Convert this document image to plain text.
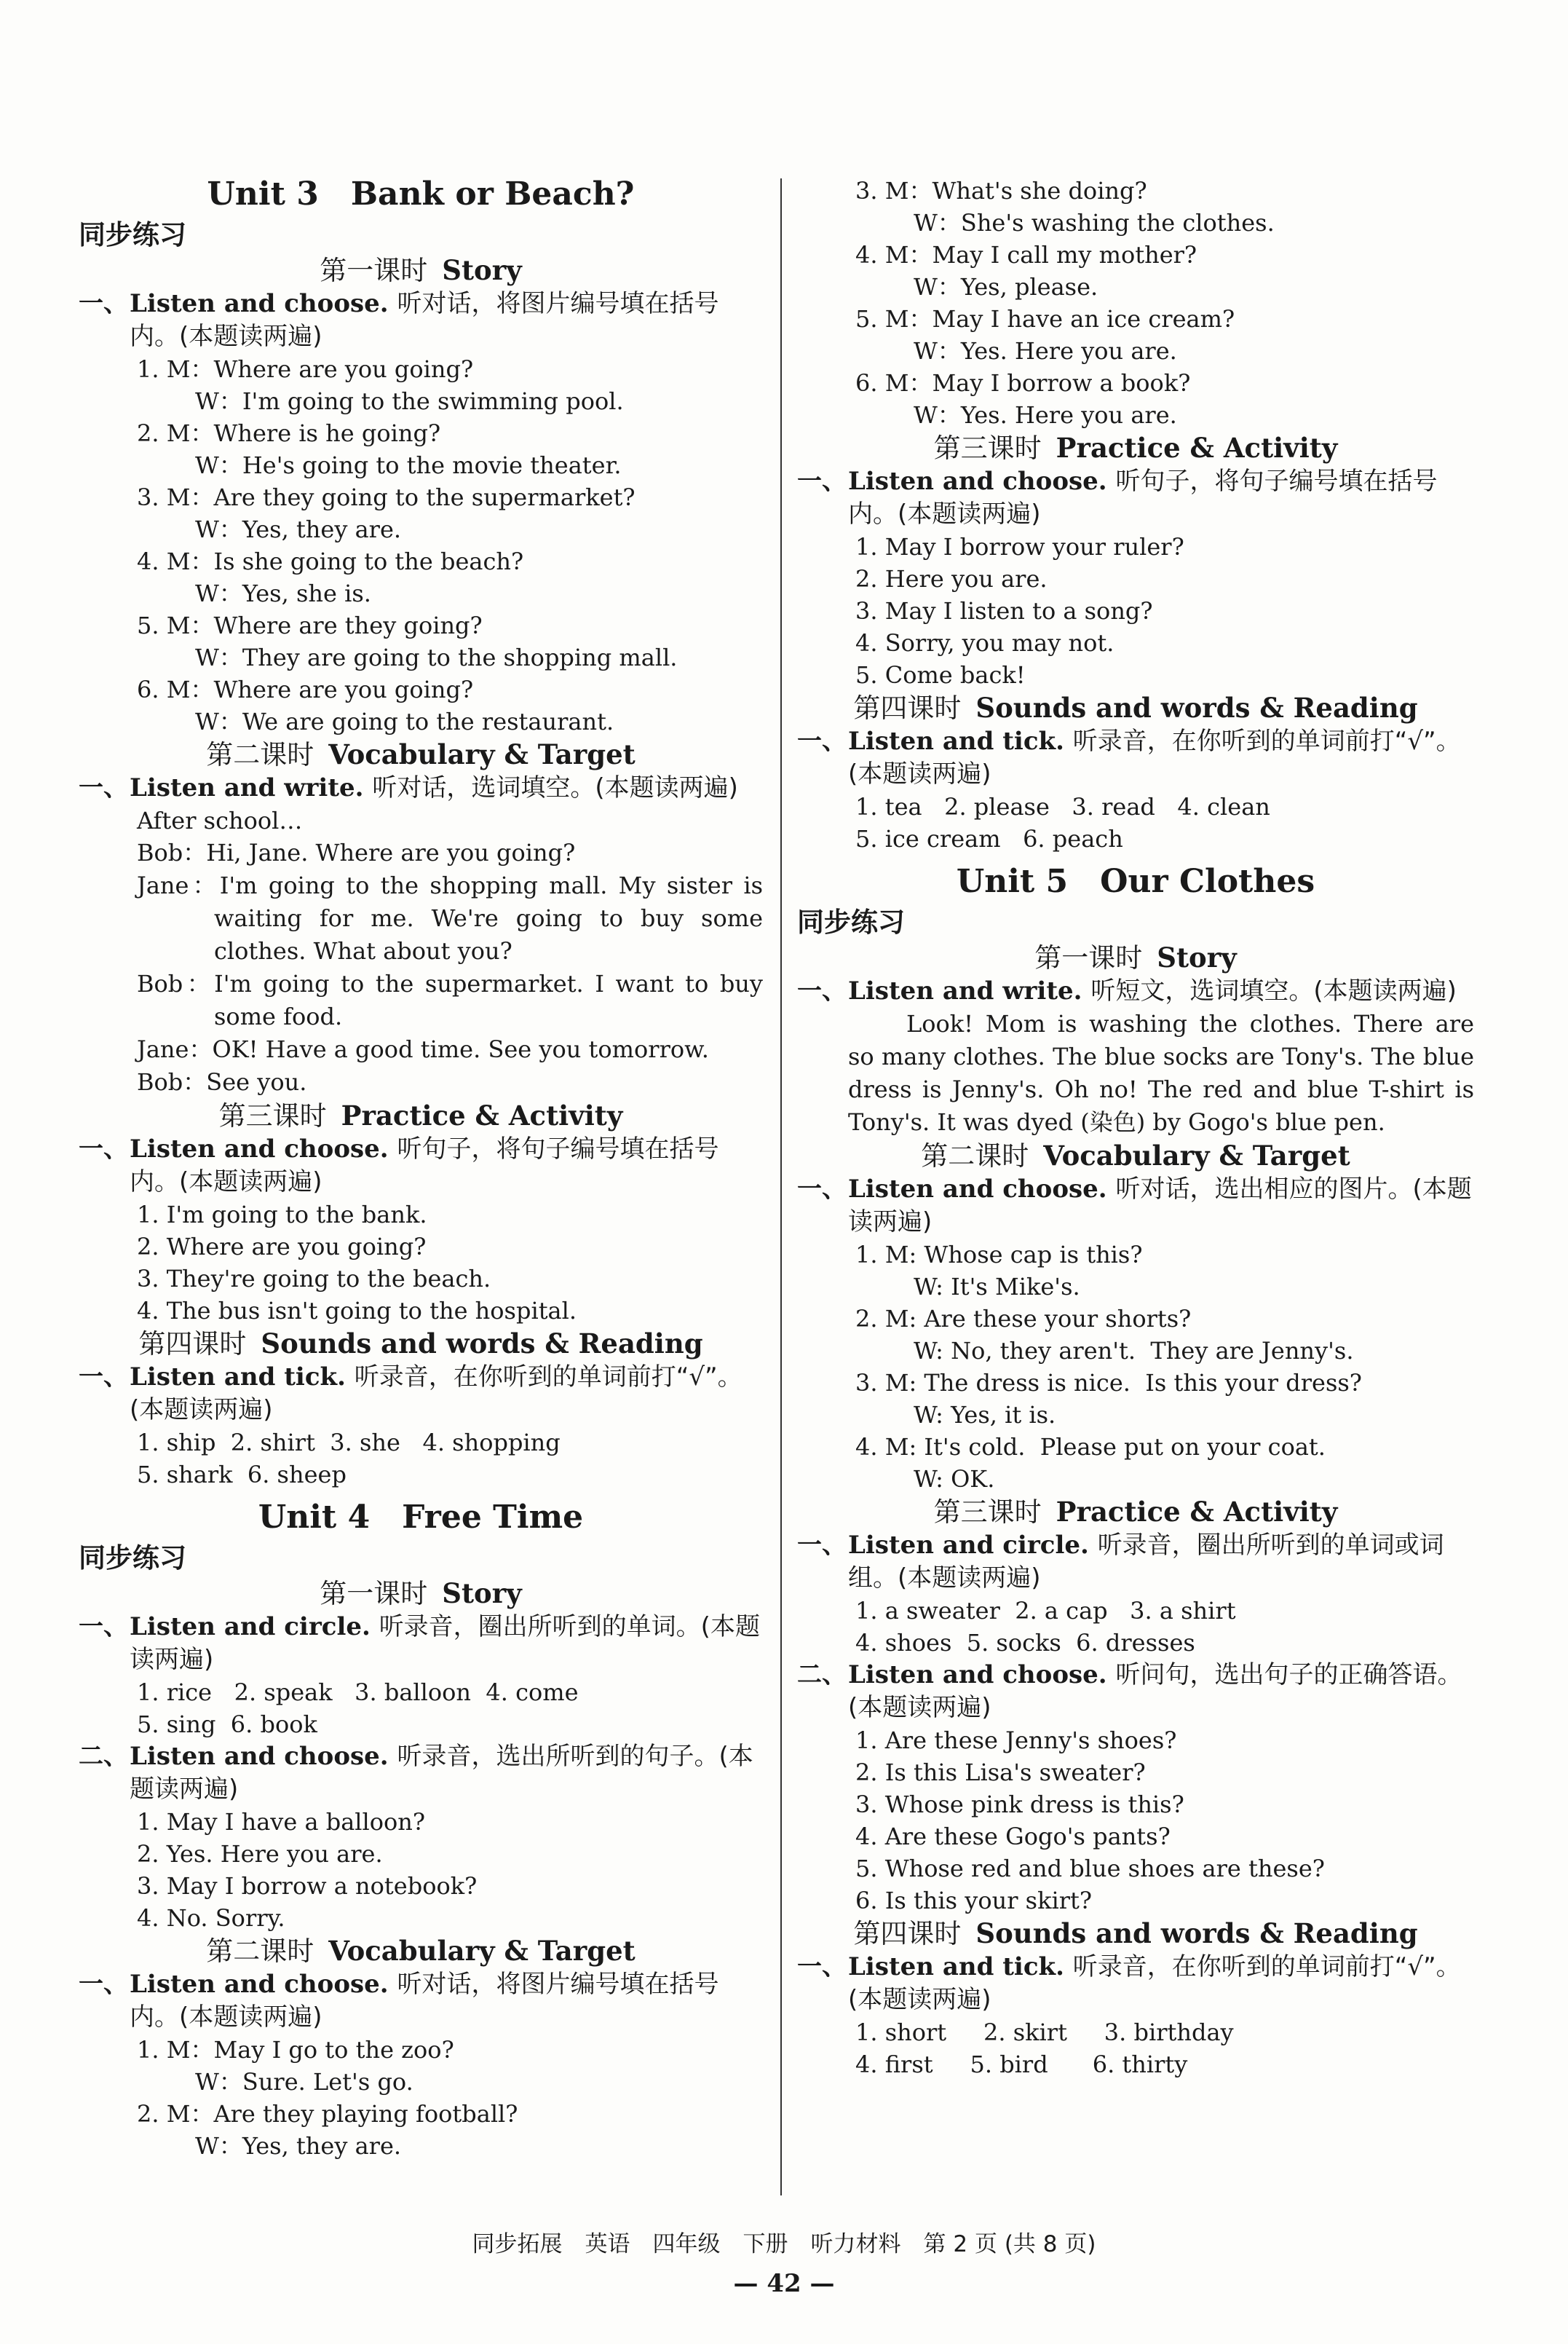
Unit 3　Bank or Beach?
同步练习
第一课时 Story
一、Listen and choose. 听对话，将图片编号填在括号内。(本题读两遍)
1. M：Where are you going?
W：I'm going to the swimming pool.
2. M：Where is he going?
W：He's going to the movie theater.
3. M：Are they going to the supermarket?
W：Yes, they are.
4. M：Is she going to the beach?
W：Yes, she is.
5. M：Where are they going?
W：They are going to the shopping mall.
6. M：Where are you going?
W：We are going to the restaurant.
第二课时 Vocabulary & Target
一、Listen and write. 听对话，选词填空。(本题读两遍)
After school…
Bob：Hi, Jane. Where are you going?
Jane：I'm going to the shopping mall. My sister is waiting for me. We're going to buy some clothes. What about you?
Bob：I'm going to the supermarket. I want to buy some food.
Jane：OK! Have a good time. See you tomorrow.
Bob：See you.
第三课时 Practice & Activity
一、Listen and choose. 听句子，将句子编号填在括号内。(本题读两遍)
1. I'm going to the bank.
2. Where are you going?
3. They're going to the beach.
4. The bus isn't going to the hospital.
第四课时 Sounds and words & Reading
一、Listen and tick. 听录音，在你听到的单词前打“√”。(本题读两遍)
1. ship  2. shirt  3. she   4. shopping
5. shark  6. sheep
Unit 4　Free Time
同步练习
第一课时 Story
一、Listen and circle. 听录音，圈出所听到的单词。(本题读两遍)
1. rice   2. speak   3. balloon  4. come
5. sing  6. book
二、Listen and choose. 听录音，选出所听到的句子。(本题读两遍)
1. May I have a balloon?
2. Yes. Here you are.
3. May I borrow a notebook?
4. No. Sorry.
第二课时 Vocabulary & Target
一、Listen and choose. 听对话，将图片编号填在括号内。(本题读两遍)
1. M：May I go to the zoo?
W：Sure. Let's go.
2. M：Are they playing football?
W：Yes, they are.
3. M：What's she doing?
W：She's washing the clothes.
4. M：May I call my mother?
W：Yes, please.
5. M：May I have an ice cream?
W：Yes. Here you are.
6. M：May I borrow a book?
W：Yes. Here you are.
第三课时 Practice & Activity
一、Listen and choose. 听句子，将句子编号填在括号内。(本题读两遍)
1. May I borrow your ruler?
2. Here you are.
3. May I listen to a song?
4. Sorry, you may not.
5. Come back!
第四课时 Sounds and words & Reading
一、Listen and tick. 听录音，在你听到的单词前打“√”。(本题读两遍)
1. tea   2. please   3. read   4. clean
5. ice cream   6. peach
Unit 5　Our Clothes
同步练习
第一课时 Story
一、Listen and write. 听短文，选词填空。(本题读两遍)
Look! Mom is washing the clothes. There are so many clothes. The blue socks are Tony's. The blue dress is Jenny's. Oh no! The red and blue T-shirt is Tony's. It was dyed (染色) by Gogo's blue pen.
第二课时 Vocabulary & Target
一、Listen and choose. 听对话，选出相应的图片。(本题读两遍)
1. M: Whose cap is this?
W: It's Mike's.
2. M: Are these your shorts?
W: No, they aren't.  They are Jenny's.
3. M: The dress is nice.  Is this your dress?
W: Yes, it is.
4. M: It's cold.  Please put on your coat.
W: OK.
第三课时 Practice & Activity
一、Listen and circle. 听录音，圈出所听到的单词或词组。(本题读两遍)
1. a sweater  2. a cap   3. a shirt
4. shoes  5. socks  6. dresses
二、Listen and choose. 听问句，选出句子的正确答语。(本题读两遍)
1. Are these Jenny's shoes?
2. Is this Lisa's sweater?
3. Whose pink dress is this?
4. Are these Gogo's pants?
5. Whose red and blue shoes are these?
6. Is this your skirt?
第四课时 Sounds and words & Reading
一、Listen and tick. 听录音，在你听到的单词前打“√”。(本题读两遍)
1. short     2. skirt     3. birthday
4. first     5. bird      6. thirty
同步拓展　英语　四年级　下册　听力材料　第 2 页 (共 8 页)
— 42 —
